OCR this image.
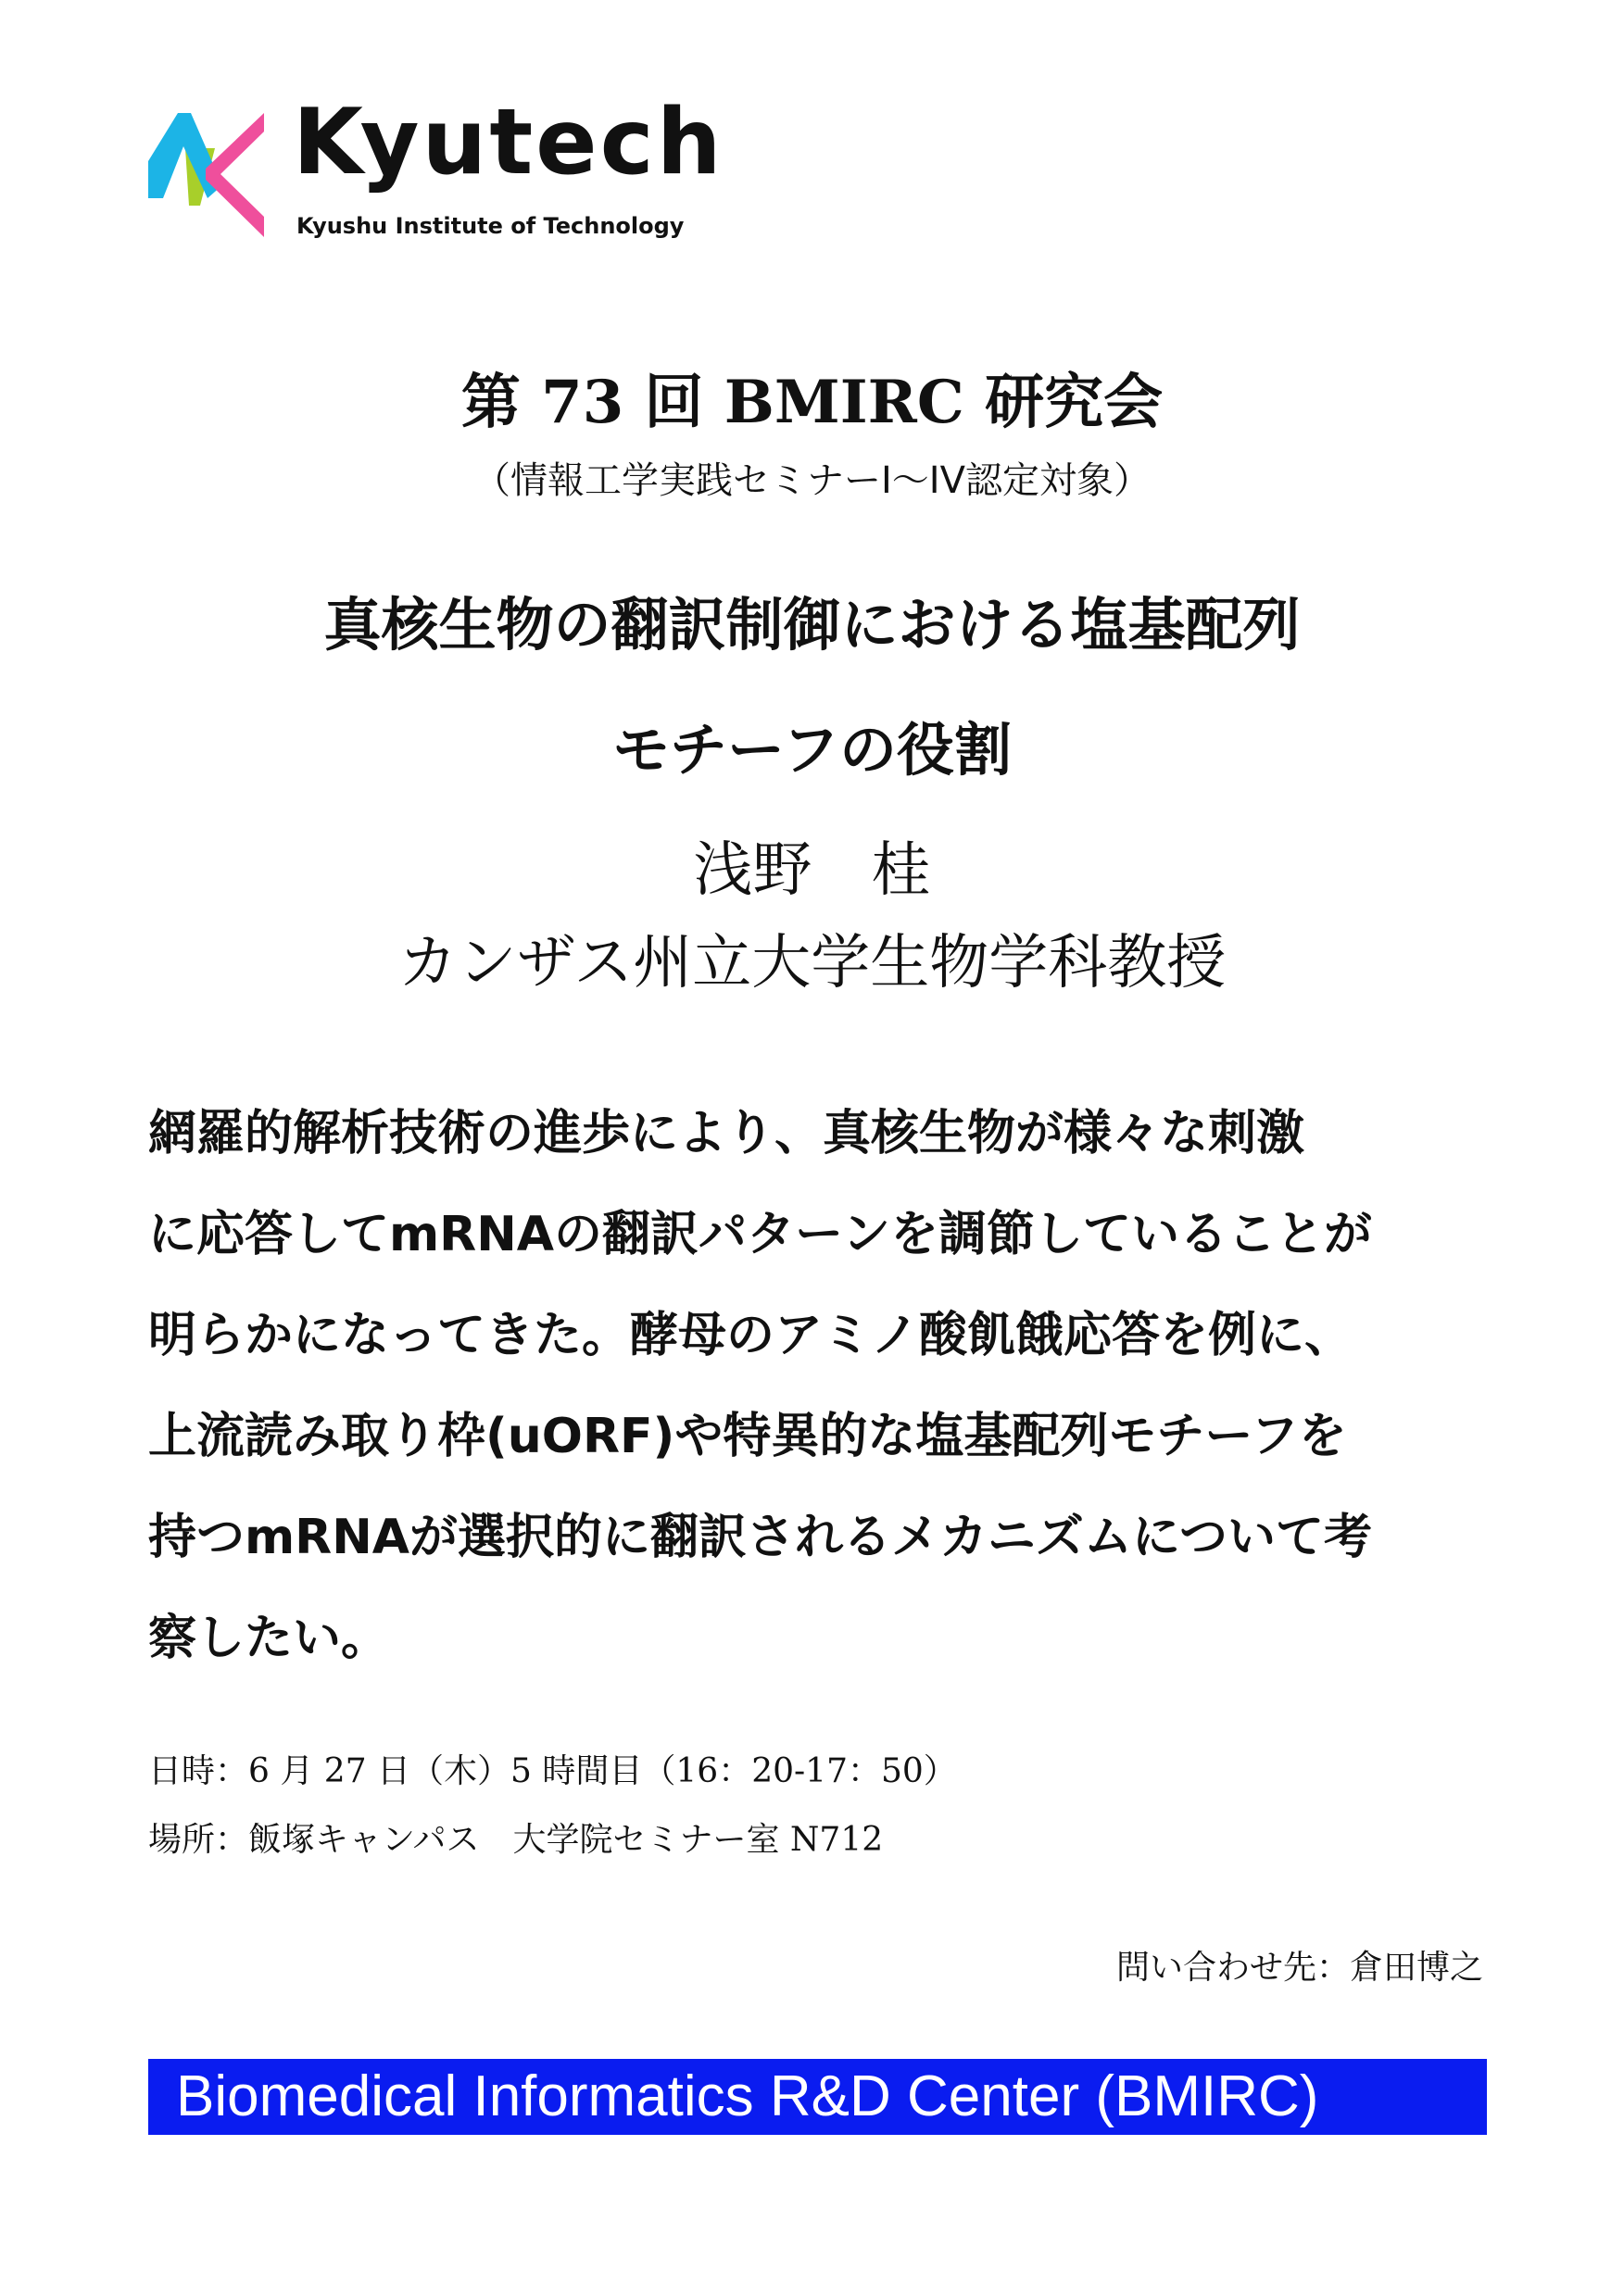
Kyutech
Kyushu Institute of Technology
第 73 回 BMIRC 研究会
（情報工学実践セミナーI〜IV認定対象）
真核生物の翻訳制御における塩基配列
モチーフの役割
浅野　桂
カンザス州立大学生物学科教授
網羅的解析技術の進歩により、真核生物が様々な刺激
に応答してmRNAの翻訳パターンを調節していることが
明らかになってきた。酵母のアミノ酸飢餓応答を例に、
上流読み取り枠(uORF)や特異的な塩基配列モチーフを
持つmRNAが選択的に翻訳されるメカニズムについて考
察したい。
日時：6 月 27 日（木）5 時間目（16：20-17：50）
場所：飯塚キャンパス　大学院セミナー室 N712
問い合わせ先：倉田博之
Biomedical Informatics R&D Center (BMIRC)
